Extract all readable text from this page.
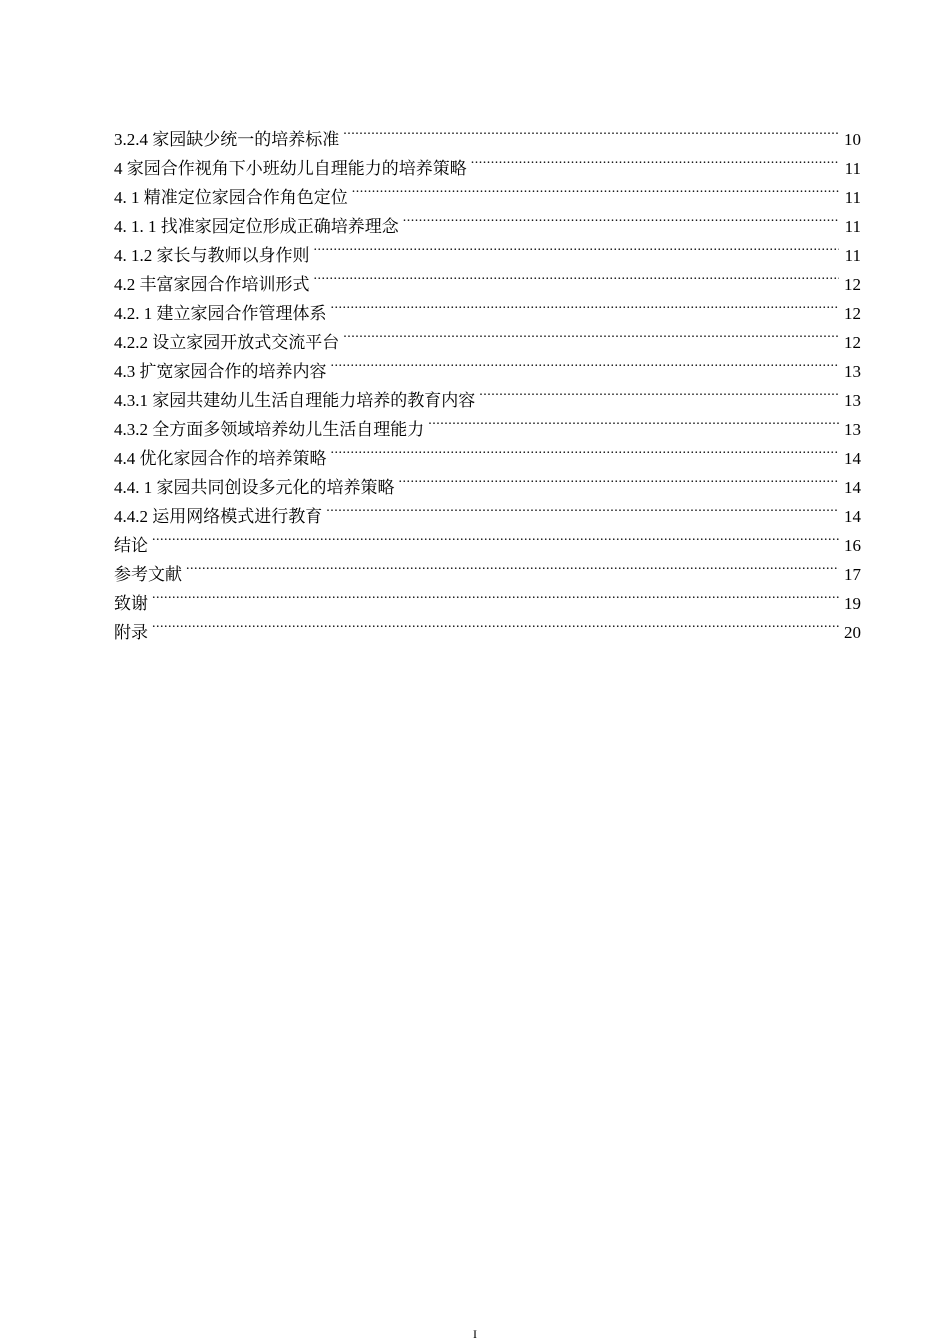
3.2.4 家园缺少统一的培养标准 .....	10
4 家园合作视角下小班幼儿自理能力的培养策略 .....	11
4. 1 精准定位家园合作角色定位 .....	11
4. 1. 1 找准家园定位形成正确培养理念 .....	11
4. 1.2 家长与教师以身作则 .....	11
4.2 丰富家园合作培训形式 .....	12
4.2. 1 建立家园合作管理体系 .....	12
4.2.2 设立家园开放式交流平台 .....	12
4.3 扩宽家园合作的培养内容 .....	13
4.3.1 家园共建幼儿生活自理能力培养的教育内容 .....	13
4.3.2 全方面多领域培养幼儿生活自理能力 .....	13
4.4 优化家园合作的培养策略 .....	14
4.4. 1 家园共同创设多元化的培养策略 .....	14
4.4.2 运用网络模式进行教育 .....	14
结论 .....	16
参考文献 .....	17
致谢 .....	19
附录 .....	20
I
